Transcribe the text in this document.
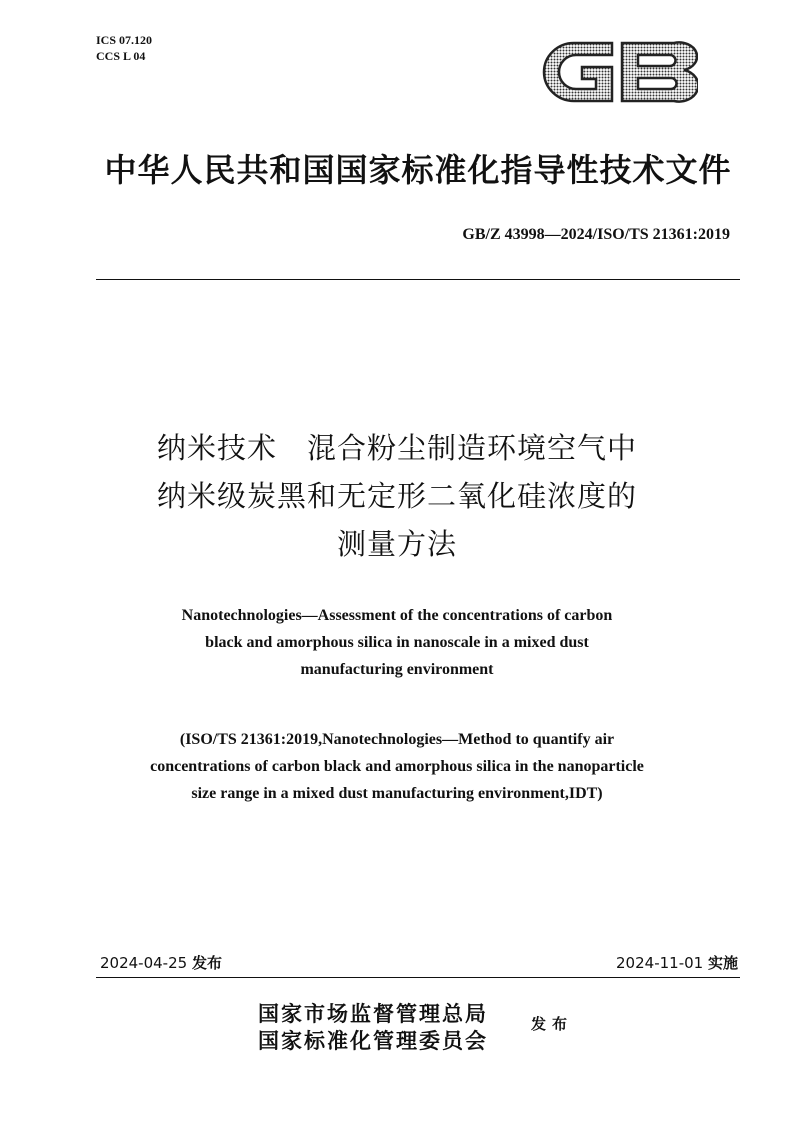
ICS 07.120
CCS L 04
中华人民共和国国家标准化指导性技术文件
GB/Z 43998—2024/ISO/TS 21361:2019
纳米技术　混合粉尘制造环境空气中
纳米级炭黑和无定形二氧化硅浓度的
测量方法
Nanotechnologies—Assessment of the concentrations of carbon
black and amorphous silica in nanoscale in a mixed dust
manufacturing environment
(ISO/TS 21361:2019,Nanotechnologies—Method to quantify air
concentrations of carbon black and amorphous silica in the nanoparticle
size range in a mixed dust manufacturing environment,IDT)
2024-04-25 发布	2024-11-01 实施
国家市场监督管理总局
国家标准化管理委员会
发布
